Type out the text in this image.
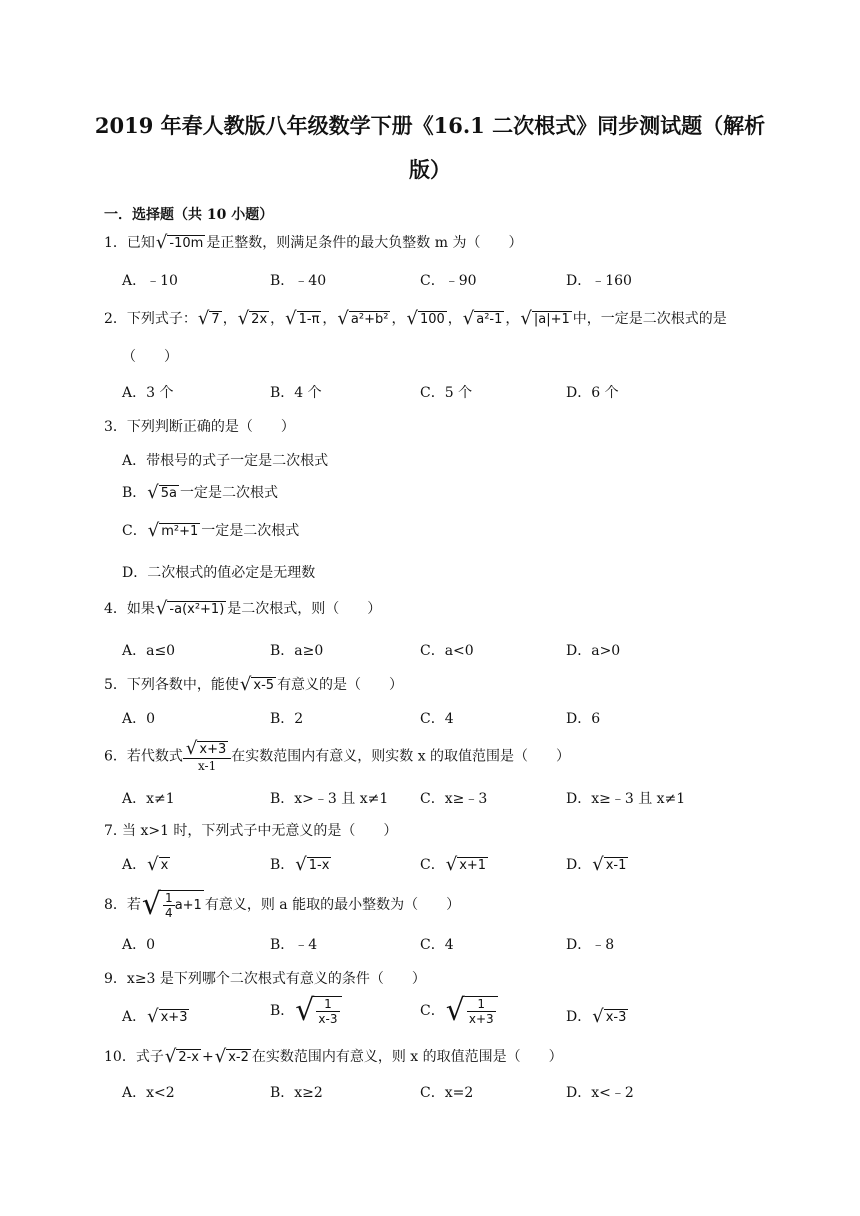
2019 年春人教版八年级数学下册《16.1 二次根式》同步测试题（解析
版）
一．选择题（共 10 小题）
1．已知√ -10m 是正整数，则满足条件的最大负整数 m 为（　　）
A．﹣10	B．﹣40	C．﹣90	D．﹣160
2．下列式子：√ 7 ，√ 2x ，√ 1-π ，√ a²+b² ，√ 100 ，√ a²-1 ，√ |a|+1 中，一定是二次根式的是
（　　）
A．3 个	B．4 个	C．5 个	D．6 个
3．下列判断正确的是（　　）
A．带根号的式子一定是二次根式
B．√ 5a 一定是二次根式
C．√ m²+1 一定是二次根式
D．二次根式的值必定是无理数
4．如果√ -a(x²+1) 是二次根式，则（　　）
A．a≤0	B．a≥0	C．a<0	D．a>0
5．下列各数中，能使√ x-5 有意义的是（　　）
A．0	B．2	C．4	D．6
6．若代数式 $\frac{√ x+3}{x-1}$ 在实数范围内有意义，则实数 x 的取值范围是（　　）
A．x≠1	B．x>﹣3 且 x≠1 C．x≥﹣3	D．x≥﹣3 且 x≠1
当 x>1 时，下列式子中无意义的是（　　）
7．
A．√ x	B．√ 1-x	C．√ x+1	D．√ x-1
8．若√ $\frac{1}{4} a+1$ 有意义，则 a 能取的最小整数为（　　）
A．0	B．﹣4	C．4	D．﹣8
9．x≥3 是下列哪个二次根式有意义的条件（　　）
A．√ x+3	B．√ $\frac{1}{x-3}$	C．√ $\frac{1}{x+3}$	D．√ x-3
10．式子√ 2-x +√ x-2 在实数范围内有意义，则 x 的取值范围是（　　）
A．x<2	B．x≥2	C．x=2	D．x<﹣2
